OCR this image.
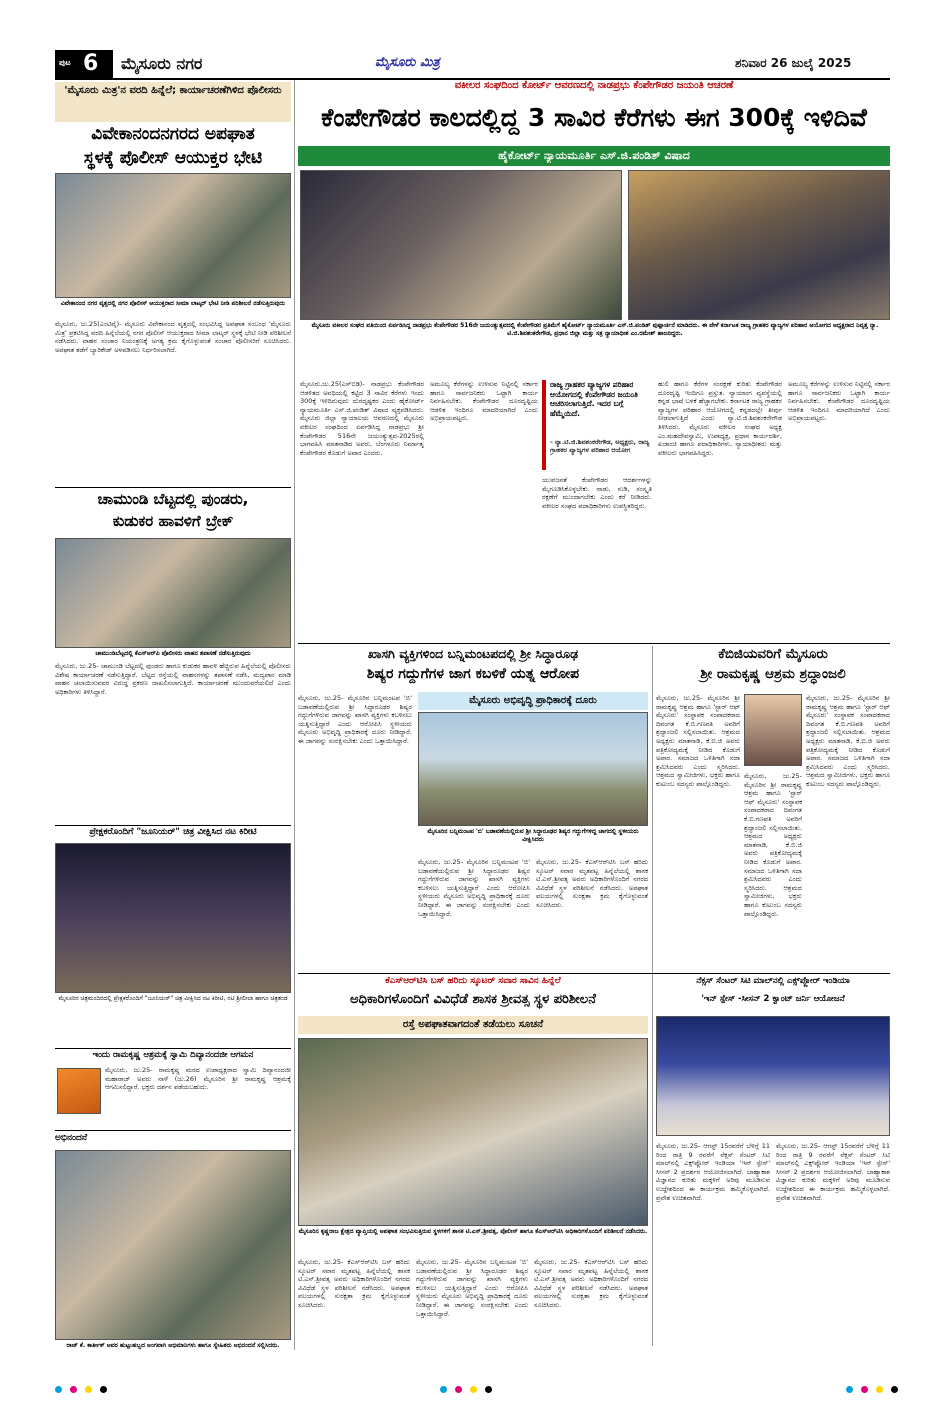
ಪುಟ 6 ಮೈಸೂರು ನಗರ	ಮೈಸೂರು ಮಿತ್ರ	ಶನಿವಾರ 26 ಜುಲೈ 2025
'ಮೈಸೂರು ಮಿತ್ರ'ನ ವರದಿ ಹಿನ್ನೆಲೆ; ಕಾರ್ಯಾಚರಣೆಗಿಳಿದ ಪೊಲೀಸರು
ವಿವೇಕಾನಂದನಗರದ ಅಪಘಾತ
ಸ್ಥಳಕ್ಕೆ ಪೊಲೀಸ್ ಆಯುಕ್ತರ ಭೇಟಿ
ವಿವೇಕಾನಂದ ನಗರ ವೃತ್ತದಲ್ಲಿ ನಗರ ಪೊಲೀಸ್ ಆಯುಕ್ತರಾದ ಸೀಮಾ ಲಾಟ್ಕರ್ ಭೇಟಿ ನೀಡಿ ಪರಿಶೀಲನೆ ನಡೆಸುತ್ತಿರುವುದು
ಮೈಸೂರು, ಜು.25(ಎಂಟಿವೈ)- ಮೈಸೂರು ವಿವೇಕಾನಂದ ವೃತ್ತದಲ್ಲಿ ಸಂಭವಿಸಿದ್ದ ಅಪಘಾತ ಸಂಬಂಧ 'ಮೈಸೂರು ಮಿತ್ರ' ಪ್ರಕಟಿಸಿದ್ದ ವರದಿ ಹಿನ್ನೆಲೆಯಲ್ಲಿ ನಗರ ಪೊಲೀಸ್ ಆಯುಕ್ತರಾದ ಸೀಮಾ ಲಾಟ್ಕರ್ ಸ್ಥಳಕ್ಕೆ ಭೇಟಿ ನೀಡಿ ಪರಿಶೀಲನೆ ನಡೆಸಿದರು. ವಾಹನ ಸಂಚಾರ ನಿಯಂತ್ರಣಕ್ಕೆ ಅಗತ್ಯ ಕ್ರಮ ಕೈಗೊಳ್ಳುವಂತೆ ಸಂಚಾರ ಪೊಲೀಸರಿಗೆ ಸೂಚಿಸಿದರು. ಅಪಘಾತ ತಡೆಗೆ ಬ್ಯಾರಿಕೇಡ್ ಅಳವಡಿಸಲು ನಿರ್ಧರಿಸಲಾಗಿದೆ.
ಚಾಮುಂಡಿ ಬೆಟ್ಟದಲ್ಲಿ ಪುಂಡರು,
ಕುಡುಕರ ಹಾವಳಿಗೆ ಬ್ರೇಕ್
ಚಾಮುಂಡಿಬೆಟ್ಟದಲ್ಲಿ ಕೆಎಸ್‌ಆರ್‌ಪಿ ಪೊಲೀಸರು ವಾಹನ ತಪಾಸಣೆ ನಡೆಸುತ್ತಿರುವುದು
ಮೈಸೂರು, ಜು.25- ಚಾಮುಂಡಿ ಬೆಟ್ಟದಲ್ಲಿ ಪುಂಡರು ಹಾಗೂ ಕುಡುಕರ ಹಾವಳಿ ಹೆಚ್ಚಿರುವ ಹಿನ್ನೆಲೆಯಲ್ಲಿ ಪೊಲೀಸರು ವಿಶೇಷ ಕಾರ್ಯಾಚರಣೆ ನಡೆಸುತ್ತಿದ್ದಾರೆ. ಬೆಟ್ಟದ ರಸ್ತೆಯಲ್ಲಿ ವಾಹನಗಳನ್ನು ತಪಾಸಣೆ ನಡೆಸಿ, ಮದ್ಯಪಾನ ಮಾಡಿ ವಾಹನ ಚಲಾಯಿಸುವವರ ವಿರುದ್ಧ ಪ್ರಕರಣ ದಾಖಲಿಸಲಾಗುತ್ತಿದೆ. ಕಾರ್ಯಾಚರಣೆ ಮುಂದುವರೆಯಲಿದೆ ಎಂದು ಅಧಿಕಾರಿಗಳು ತಿಳಿಸಿದ್ದಾರೆ.
ಪ್ರೇಕ್ಷಕರೊಂದಿಗೆ "ಜೂನಿಯರ್" ಚಿತ್ರ ವೀಕ್ಷಿಸಿದ ನಟ ಕಿರೀಟಿ
ಮೈಸೂರಿನ ಚಿತ್ರಮಂದಿರದಲ್ಲಿ ಪ್ರೇಕ್ಷಕರೊಂದಿಗೆ "ಜೂನಿಯರ್" ಚಿತ್ರ ವೀಕ್ಷಿಸಿದ ನಟ ಕಿರೀಟಿ, ನಟಿ ಶ್ರೀಲೀಲಾ ಹಾಗೂ ಚಿತ್ರತಂಡ
ಇಂದು ರಾಮಕೃಷ್ಣ ಆಶ್ರಮಕ್ಕೆ ಸ್ವಾಮಿ ದಿವ್ಯಾನಂದಜೀ ಆಗಮನ
ಮೈಸೂರು, ಜು.25- ರಾಮಕೃಷ್ಣ ಮಠದ ಉಪಾಧ್ಯಕ್ಷರಾದ ಸ್ವಾಮಿ ದಿವ್ಯಾನಂದಜೀ ಮಹಾರಾಜ್ ಅವರು ನಾಳೆ (ಜು.26) ಮೈಸೂರಿನ ಶ್ರೀ ರಾಮಕೃಷ್ಣ ಆಶ್ರಮಕ್ಕೆ ಆಗಮಿಸಲಿದ್ದಾರೆ. ಭಕ್ತರು ದರ್ಶನ ಪಡೆಯಬಹುದು.
ಅಭಿನಂದನೆ
ರಾಜ್ ಕೆ. ಕಾರ್ತೀಕ್ ಅವರ ಹುಟ್ಟುಹಬ್ಬದ ಅಂಗವಾಗಿ ಅಭಿಮಾನಿಗಳು ಹಾಗೂ ಸ್ನೇಹಿತರು ಅಭಿನಂದನೆ ಸಲ್ಲಿಸಿದರು.
ವಕೀಲರ ಸಂಘದಿಂದ ಕೋರ್ಟ್ ಆವರಣದಲ್ಲಿ ನಾಡಪ್ರಭು ಕೆಂಪೇಗೌಡರ ಜಯಂತಿ ಆಚರಣೆ
ಕೆಂಪೇಗೌಡರ ಕಾಲದಲ್ಲಿದ್ದ 3 ಸಾವಿರ ಕೆರೆಗಳು ಈಗ 300ಕ್ಕೆ ಇಳಿದಿವೆ
ಹೈಕೋರ್ಟ್ ನ್ಯಾಯಮೂರ್ತಿ ಎಸ್.ಜಿ.ಪಂಡಿತ್ ವಿಷಾದ
ಮೈಸೂರು ವಕೀಲರ ಸಂಘದ ವತಿಯಿಂದ ಏರ್ಪಡಿಸಿದ್ದ ನಾಡಪ್ರಭು ಕೆಂಪೇಗೌಡರ 516ನೇ ಜಯಂತ್ಯುತ್ಸವದಲ್ಲಿ ಕೆಂಪೇಗೌಡರ ಪ್ರತಿಮೆಗೆ ಹೈಕೋರ್ಟ್ ನ್ಯಾಯಮೂರ್ತಿ ಎಸ್.ಜಿ.ಪಂಡಿತ್ ಪುಷ್ಪಾರ್ಚನೆ ಮಾಡಿದರು. ಈ ವೇಳೆ ಕರ್ನಾಟಕ ರಾಜ್ಯ ಗ್ರಾಹಕರ ವ್ಯಾಜ್ಯಗಳ ಪರಿಹಾರ ಆಯೋಗದ ಅಧ್ಯಕ್ಷರಾದ ನಿವೃತ್ತ ನ್ಯಾ. ಟಿ.ಜಿ.ಶಿವಶಂಕರೇಗೌಡ, ಪ್ರಧಾನ ಜಿಲ್ಲಾ ಮತ್ತು ಸತ್ರ ನ್ಯಾಯಾಧೀಶ ಎಂ.ರಮೇಶ್ ಹಾಜರಿದ್ದರು.
ಮೈಸೂರು,ಜು.25(ಎಸ್‌ಬಿಡಿ)- ನಾಡಪ್ರಭು ಕೆಂಪೇಗೌಡರ ಆಡಳಿತದ ಅವಧಿಯಲ್ಲಿ ಕಟ್ಟಿದ 3 ಸಾವಿರ ಕೆರೆಗಳು ಇಂದು 300ಕ್ಕೆ ಇಳಿದಿರುವುದು ದುರದೃಷ್ಟಕರ ಎಂದು ಹೈಕೋರ್ಟ್ ನ್ಯಾಯಮೂರ್ತಿ ಎಸ್.ಜಿ.ಪಂಡಿತ್ ವಿಷಾದ ವ್ಯಕ್ತಪಡಿಸಿದರು. ಮೈಸೂರು ಜಿಲ್ಲಾ ನ್ಯಾಯಾಲಯ ಆವರಣದಲ್ಲಿ ಮೈಸೂರು ವಕೀಲರ ಸಂಘದಿಂದ ಏರ್ಪಡಿಸಿದ್ದ ನಾಡಪ್ರಭು ಶ್ರೀ ಕೆಂಪೇಗೌಡರ 516ನೇ ಜಯಂತ್ಯುತ್ಸವ-2025ರಲ್ಲಿ ಭಾಗವಹಿಸಿ ಮಾತನಾಡಿದ ಅವರು, ಬೆಂಗಳೂರು ನಿರ್ಮಾತೃ ಕೆಂಪೇಗೌಡರ ಕೊಡುಗೆ ಅಪಾರ ಎಂದರು.
ಅಮೂಲ್ಯ ಕೆರೆಗಳನ್ನು ಉಳಿಸುವ ನಿಟ್ಟಿನಲ್ಲಿ ಸರ್ಕಾರ ಹಾಗೂ ಸಾರ್ವಜನಿಕರು ಒಟ್ಟಾಗಿ ಕಾರ್ಯ ನಿರ್ವಹಿಸಬೇಕು. ಕೆಂಪೇಗೌಡರ ದೂರದೃಷ್ಟಿಯ ಆಡಳಿತ ಇಂದಿಗೂ ಮಾದರಿಯಾಗಿದೆ ಎಂದು ಅಭಿಪ್ರಾಯಪಟ್ಟರು.
ರಾಜ್ಯ ಗ್ರಾಹಕರ ವ್ಯಾಜ್ಯಗಳ ಪರಿಹಾರ ಆಯೋಗದಲ್ಲಿ ಕೆಂಪೇಗೌಡರ ಜಯಂತಿ ಆಚರಿಸಲಾಗುತ್ತಿದೆ. ಇದರ ಬಗ್ಗೆ ಹೆಮ್ಮೆಯಿದೆ.
- ನ್ಯಾ.ಟಿ.ಜಿ.ಶಿವಶಂಕರೇಗೌಡ, ಅಧ್ಯಕ್ಷರು, ರಾಜ್ಯ ಗ್ರಾಹಕರ ವ್ಯಾಜ್ಯಗಳ ಪರಿಹಾರ ಆಯೋಗ
ಯುವಜನತೆ ಕೆಂಪೇಗೌಡರ ಆದರ್ಶಗಳನ್ನು ಮೈಗೂಡಿಸಿಕೊಳ್ಳಬೇಕು. ನಾಡು, ನುಡಿ, ಸಂಸ್ಕೃತಿ ರಕ್ಷಣೆಗೆ ಮುಂದಾಗಬೇಕು ಎಂದು ಕರೆ ನೀಡಿದರು. ವಕೀಲರ ಸಂಘದ ಪದಾಧಿಕಾರಿಗಳು ಉಪಸ್ಥಿತರಿದ್ದರು.
ಹುಲಿ ಹಾಗೂ ಕೆರೆಗಳ ಸಂರಕ್ಷಣೆ ಕುರಿತು ಕೆಂಪೇಗೌಡರ ದೂರದೃಷ್ಟಿ ಇಂದಿಗೂ ಪ್ರಸ್ತುತ. ನ್ಯಾಯಾಂಗ ವ್ಯವಸ್ಥೆಯಲ್ಲಿ ಕನ್ನಡ ಭಾಷೆ ಬಳಕೆ ಹೆಚ್ಚಾಗಬೇಕು. ಕರ್ನಾಟಕ ರಾಜ್ಯ ಗ್ರಾಹಕರ ವ್ಯಾಜ್ಯಗಳ ಪರಿಹಾರ ಆಯೋಗದಲ್ಲಿ ಕನ್ನಡದಲ್ಲೇ ತೀರ್ಪು ನೀಡಲಾಗುತ್ತಿದೆ ಎಂದು ನ್ಯಾ.ಟಿ.ಜಿ.ಶಿವಶಂಕರೇಗೌಡ ತಿಳಿಸಿದರು. ಮೈಸೂರು ವಕೀಲರ ಸಂಘದ ಅಧ್ಯಕ್ಷ ಎಂ.ಮಹದೇವಸ್ವಾಮಿ, ಉಪಾಧ್ಯಕ್ಷ, ಪ್ರಧಾನ ಕಾರ್ಯದರ್ಶಿ, ಖಜಾಂಚಿ ಹಾಗೂ ಪದಾಧಿಕಾರಿಗಳು, ನ್ಯಾಯಾಧೀಶರು ಮತ್ತು ವಕೀಲರು ಭಾಗವಹಿಸಿದ್ದರು.
ಅಮೂಲ್ಯ ಕೆರೆಗಳನ್ನು ಉಳಿಸುವ ನಿಟ್ಟಿನಲ್ಲಿ ಸರ್ಕಾರ ಹಾಗೂ ಸಾರ್ವಜನಿಕರು ಒಟ್ಟಾಗಿ ಕಾರ್ಯ ನಿರ್ವಹಿಸಬೇಕು. ಕೆಂಪೇಗೌಡರ ದೂರದೃಷ್ಟಿಯ ಆಡಳಿತ ಇಂದಿಗೂ ಮಾದರಿಯಾಗಿದೆ ಎಂದು ಅಭಿಪ್ರಾಯಪಟ್ಟರು.
ಖಾಸಗಿ ವ್ಯಕ್ತಿಗಳಿಂದ ಬನ್ನಿಮಂಟಪದಲ್ಲಿ ಶ್ರೀ ಸಿದ್ಧಾರೂಢ
ಶಿಷ್ಯರ ಗದ್ದುಗೆಗಳ ಜಾಗ ಕಬಳಿಕೆ ಯತ್ನ ಆರೋಪ
ಮೈಸೂರು ಅಭಿವೃದ್ಧಿ ಪ್ರಾಧಿಕಾರಕ್ಕೆ ದೂರು
ಮೈಸೂರಿನ ಬನ್ನಿಮಂಟಪ 'ಬಿ' ಬಡಾವಣೆಯಲ್ಲಿರುವ ಶ್ರೀ ಸಿದ್ಧಾರೂಢರ ಶಿಷ್ಯರ ಗದ್ದುಗೆಗಳಿದ್ದ ಜಾಗದಲ್ಲಿ ಸ್ಥಳೀಯರು ವೀಕ್ಷಿಸಿದರು
ಮೈಸೂರು, ಜು.25- ಮೈಸೂರಿನ ಬನ್ನಿಮಂಟಪ 'ಬಿ' ಬಡಾವಣೆಯಲ್ಲಿರುವ ಶ್ರೀ ಸಿದ್ಧಾರೂಢರ ಶಿಷ್ಯರ ಗದ್ದುಗೆಗಳಿರುವ ಜಾಗವನ್ನು ಖಾಸಗಿ ವ್ಯಕ್ತಿಗಳು ಕಬಳಿಸಲು ಯತ್ನಿಸುತ್ತಿದ್ದಾರೆ ಎಂದು ಆರೋಪಿಸಿ ಸ್ಥಳೀಯರು ಮೈಸೂರು ಅಭಿವೃದ್ಧಿ ಪ್ರಾಧಿಕಾರಕ್ಕೆ ದೂರು ನೀಡಿದ್ದಾರೆ. ಈ ಜಾಗವನ್ನು ಸಂರಕ್ಷಿಸಬೇಕು ಎಂದು ಒತ್ತಾಯಿಸಿದ್ದಾರೆ.
ಮೈಸೂರು, ಜು.25- ಮೈಸೂರಿನ ಬನ್ನಿಮಂಟಪ 'ಬಿ' ಬಡಾವಣೆಯಲ್ಲಿರುವ ಶ್ರೀ ಸಿದ್ಧಾರೂಢರ ಶಿಷ್ಯರ ಗದ್ದುಗೆಗಳಿರುವ ಜಾಗವನ್ನು ಖಾಸಗಿ ವ್ಯಕ್ತಿಗಳು ಕಬಳಿಸಲು ಯತ್ನಿಸುತ್ತಿದ್ದಾರೆ ಎಂದು ಆರೋಪಿಸಿ ಸ್ಥಳೀಯರು ಮೈಸೂರು ಅಭಿವೃದ್ಧಿ ಪ್ರಾಧಿಕಾರಕ್ಕೆ ದೂರು ನೀಡಿದ್ದಾರೆ. ಈ ಜಾಗವನ್ನು ಸಂರಕ್ಷಿಸಬೇಕು ಎಂದು ಒತ್ತಾಯಿಸಿದ್ದಾರೆ.
ಮೈಸೂರು, ಜು.25- ಕೆಎಸ್‌ಆರ್‌ಟಿಸಿ ಬಸ್ ಹರಿದು ಸ್ಕೂಟರ್ ಸವಾರ ಮೃತಪಟ್ಟ ಹಿನ್ನೆಲೆಯಲ್ಲಿ ಶಾಸಕ ಟಿ.ಎಸ್.ಶ್ರೀವತ್ಸ ಅವರು ಅಧಿಕಾರಿಗಳೊಂದಿಗೆ ನಗರದ ವಿವಿಧೆಡೆ ಸ್ಥಳ ಪರಿಶೀಲನೆ ನಡೆಸಿದರು. ಅಪಘಾತ ವಲಯಗಳಲ್ಲಿ ಸುರಕ್ಷತಾ ಕ್ರಮ ಕೈಗೊಳ್ಳುವಂತೆ ಸೂಚಿಸಿದರು.
ಕೆಬಿಜಿಯವರಿಗೆ ಮೈಸೂರು
ಶ್ರೀ ರಾಮಕೃಷ್ಣ ಆಶ್ರಮ ಶ್ರದ್ಧಾಂಜಲಿ
ಮೈಸೂರು, ಜು.25- ಮೈಸೂರಿನ ಶ್ರೀ ರಾಮಕೃಷ್ಣ ಆಶ್ರಮ ಹಾಗೂ 'ಸ್ಟಾರ್ ಆಫ್ ಮೈಸೂರು' ಸಂಸ್ಥಾಪಕ ಸಂಪಾದಕರಾದ ದಿವಂಗತ ಕೆ.ಬಿ.ಗಣಪತಿ ಅವರಿಗೆ ಶ್ರದ್ಧಾಂಜಲಿ ಸಲ್ಲಿಸಲಾಯಿತು. ಆಶ್ರಮದ ಅಧ್ಯಕ್ಷರು ಮಾತನಾಡಿ, ಕೆ.ಬಿ.ಜಿ ಅವರು ಪತ್ರಿಕೋದ್ಯಮಕ್ಕೆ ನೀಡಿದ ಕೊಡುಗೆ ಅಪಾರ. ಸಮಾಜದ ಒಳಿತಿಗಾಗಿ ಸದಾ ಶ್ರಮಿಸಿದವರು ಎಂದು ಸ್ಮರಿಸಿದರು. ಆಶ್ರಮದ ಸ್ವಾಮೀಜಿಗಳು, ಭಕ್ತರು ಹಾಗೂ ಕುಟುಂಬ ಸದಸ್ಯರು ಪಾಲ್ಗೊಂಡಿದ್ದರು.
ಮೈಸೂರು, ಜು.25- ಮೈಸೂರಿನ ಶ್ರೀ ರಾಮಕೃಷ್ಣ ಆಶ್ರಮ ಹಾಗೂ 'ಸ್ಟಾರ್ ಆಫ್ ಮೈಸೂರು' ಸಂಸ್ಥಾಪಕ ಸಂಪಾದಕರಾದ ದಿವಂಗತ ಕೆ.ಬಿ.ಗಣಪತಿ ಅವರಿಗೆ ಶ್ರದ್ಧಾಂಜಲಿ ಸಲ್ಲಿಸಲಾಯಿತು. ಆಶ್ರಮದ ಅಧ್ಯಕ್ಷರು ಮಾತನಾಡಿ, ಕೆ.ಬಿ.ಜಿ ಅವರು ಪತ್ರಿಕೋದ್ಯಮಕ್ಕೆ ನೀಡಿದ ಕೊಡುಗೆ ಅಪಾರ. ಸಮಾಜದ ಒಳಿತಿಗಾಗಿ ಸದಾ ಶ್ರಮಿಸಿದವರು ಎಂದು ಸ್ಮರಿಸಿದರು. ಆಶ್ರಮದ ಸ್ವಾಮೀಜಿಗಳು, ಭಕ್ತರು ಹಾಗೂ ಕುಟುಂಬ ಸದಸ್ಯರು ಪಾಲ್ಗೊಂಡಿದ್ದರು.
ಮೈಸೂರು, ಜು.25- ಮೈಸೂರಿನ ಶ್ರೀ ರಾಮಕೃಷ್ಣ ಆಶ್ರಮ ಹಾಗೂ 'ಸ್ಟಾರ್ ಆಫ್ ಮೈಸೂರು' ಸಂಸ್ಥಾಪಕ ಸಂಪಾದಕರಾದ ದಿವಂಗತ ಕೆ.ಬಿ.ಗಣಪತಿ ಅವರಿಗೆ ಶ್ರದ್ಧಾಂಜಲಿ ಸಲ್ಲಿಸಲಾಯಿತು. ಆಶ್ರಮದ ಅಧ್ಯಕ್ಷರು ಮಾತನಾಡಿ, ಕೆ.ಬಿ.ಜಿ ಅವರು ಪತ್ರಿಕೋದ್ಯಮಕ್ಕೆ ನೀಡಿದ ಕೊಡುಗೆ ಅಪಾರ. ಸಮಾಜದ ಒಳಿತಿಗಾಗಿ ಸದಾ ಶ್ರಮಿಸಿದವರು ಎಂದು ಸ್ಮರಿಸಿದರು. ಆಶ್ರಮದ ಸ್ವಾಮೀಜಿಗಳು, ಭಕ್ತರು ಹಾಗೂ ಕುಟುಂಬ ಸದಸ್ಯರು ಪಾಲ್ಗೊಂಡಿದ್ದರು.
ಕೆಎಸ್‌ಆರ್‌ಟಿಸಿ ಬಸ್ ಹರಿದು ಸ್ಕೂಟರ್ ಸವಾರ ಸಾವಿನ ಹಿನ್ನೆಲೆ
ಅಧಿಕಾರಿಗಳೊಂದಿಗೆ ವಿವಿಧೆಡೆ ಶಾಸಕ ಶ್ರೀವತ್ಸ ಸ್ಥಳ ಪರಿಶೀಲನೆ
ರಸ್ತೆ ಅಪಘಾತವಾಗದಂತೆ ತಡೆಯಲು ಸೂಚನೆ
ಮೈಸೂರಿನ ಕೃಷ್ಣರಾಜ ಕ್ಷೇತ್ರದ ವ್ಯಾಪ್ತಿಯಲ್ಲಿ ಅಪಘಾತ ಸಂಭವಿಸುತ್ತಿರುವ ಸ್ಥಳಗಳಿಗೆ ಶಾಸಕ ಟಿ.ಎಸ್.ಶ್ರೀವತ್ಸ, ಪೊಲೀಸ್ ಹಾಗೂ ಕೆಎಸ್‌ಆರ್‌ಟಿಸಿ ಅಧಿಕಾರಿಗಳೊಂದಿಗೆ ಪರಿಶೀಲನೆ ನಡೆಸಿದರು.
ಮೈಸೂರು, ಜು.25- ಕೆಎಸ್‌ಆರ್‌ಟಿಸಿ ಬಸ್ ಹರಿದು ಸ್ಕೂಟರ್ ಸವಾರ ಮೃತಪಟ್ಟ ಹಿನ್ನೆಲೆಯಲ್ಲಿ ಶಾಸಕ ಟಿ.ಎಸ್.ಶ್ರೀವತ್ಸ ಅವರು ಅಧಿಕಾರಿಗಳೊಂದಿಗೆ ನಗರದ ವಿವಿಧೆಡೆ ಸ್ಥಳ ಪರಿಶೀಲನೆ ನಡೆಸಿದರು. ಅಪಘಾತ ವಲಯಗಳಲ್ಲಿ ಸುರಕ್ಷತಾ ಕ್ರಮ ಕೈಗೊಳ್ಳುವಂತೆ ಸೂಚಿಸಿದರು.
ಮೈಸೂರು, ಜು.25- ಮೈಸೂರಿನ ಬನ್ನಿಮಂಟಪ 'ಬಿ' ಬಡಾವಣೆಯಲ್ಲಿರುವ ಶ್ರೀ ಸಿದ್ಧಾರೂಢರ ಶಿಷ್ಯರ ಗದ್ದುಗೆಗಳಿರುವ ಜಾಗವನ್ನು ಖಾಸಗಿ ವ್ಯಕ್ತಿಗಳು ಕಬಳಿಸಲು ಯತ್ನಿಸುತ್ತಿದ್ದಾರೆ ಎಂದು ಆರೋಪಿಸಿ ಸ್ಥಳೀಯರು ಮೈಸೂರು ಅಭಿವೃದ್ಧಿ ಪ್ರಾಧಿಕಾರಕ್ಕೆ ದೂರು ನೀಡಿದ್ದಾರೆ. ಈ ಜಾಗವನ್ನು ಸಂರಕ್ಷಿಸಬೇಕು ಎಂದು ಒತ್ತಾಯಿಸಿದ್ದಾರೆ.
ಮೈಸೂರು, ಜು.25- ಕೆಎಸ್‌ಆರ್‌ಟಿಸಿ ಬಸ್ ಹರಿದು ಸ್ಕೂಟರ್ ಸವಾರ ಮೃತಪಟ್ಟ ಹಿನ್ನೆಲೆಯಲ್ಲಿ ಶಾಸಕ ಟಿ.ಎಸ್.ಶ್ರೀವತ್ಸ ಅವರು ಅಧಿಕಾರಿಗಳೊಂದಿಗೆ ನಗರದ ವಿವಿಧೆಡೆ ಸ್ಥಳ ಪರಿಶೀಲನೆ ನಡೆಸಿದರು. ಅಪಘಾತ ವಲಯಗಳಲ್ಲಿ ಸುರಕ್ಷತಾ ಕ್ರಮ ಕೈಗೊಳ್ಳುವಂತೆ ಸೂಚಿಸಿದರು.
ನೆಕ್ಸಸ್ ಸೆಂಟರ್ ಸಿಟಿ ಮಾಲ್‌ನಲ್ಲಿ ಎಕ್ಸ್‌ಪ್ಲೋರ್ ಇಂಡಿಯಾ
'ಇನ್ ಸ್ಪೇಸ್ -ಸೀಸನ್ 2 ಕ್ವಾಂಟ್ ಜರ್ನಿ ಆಯೋಜನೆ
ಮೈಸೂರು, ಜು.25- ಆಗಸ್ಟ್ 15ರವರೆಗೆ ಬೆಳಿಗ್ಗೆ 11 ರಿಂದ ರಾತ್ರಿ 9 ರವರೆಗೆ ನೆಕ್ಸಸ್ ಸೆಂಟರ್ ಸಿಟಿ ಮಾಲ್‌ನಲ್ಲಿ ಎಕ್ಸ್‌ಪ್ಲೋರ್ ಇಂಡಿಯಾ 'ಇನ್ ಸ್ಪೇಸ್' ಸೀಸನ್ 2 ಪ್ರದರ್ಶನ ಆಯೋಜಿಸಲಾಗಿದೆ. ಬಾಹ್ಯಾಕಾಶ ವಿಜ್ಞಾನದ ಕುರಿತು ಮಕ್ಕಳಿಗೆ ಅರಿವು ಮೂಡಿಸುವ ಉದ್ದೇಶದಿಂದ ಈ ಕಾರ್ಯಕ್ರಮ ಹಮ್ಮಿಕೊಳ್ಳಲಾಗಿದೆ. ಪ್ರವೇಶ ಉಚಿತವಾಗಿದೆ.
ಮೈಸೂರು, ಜು.25- ಆಗಸ್ಟ್ 15ರವರೆಗೆ ಬೆಳಿಗ್ಗೆ 11 ರಿಂದ ರಾತ್ರಿ 9 ರವರೆಗೆ ನೆಕ್ಸಸ್ ಸೆಂಟರ್ ಸಿಟಿ ಮಾಲ್‌ನಲ್ಲಿ ಎಕ್ಸ್‌ಪ್ಲೋರ್ ಇಂಡಿಯಾ 'ಇನ್ ಸ್ಪೇಸ್' ಸೀಸನ್ 2 ಪ್ರದರ್ಶನ ಆಯೋಜಿಸಲಾಗಿದೆ. ಬಾಹ್ಯಾಕಾಶ ವಿಜ್ಞಾನದ ಕುರಿತು ಮಕ್ಕಳಿಗೆ ಅರಿವು ಮೂಡಿಸುವ ಉದ್ದೇಶದಿಂದ ಈ ಕಾರ್ಯಕ್ರಮ ಹಮ್ಮಿಕೊಳ್ಳಲಾಗಿದೆ. ಪ್ರವೇಶ ಉಚಿತವಾಗಿದೆ.
